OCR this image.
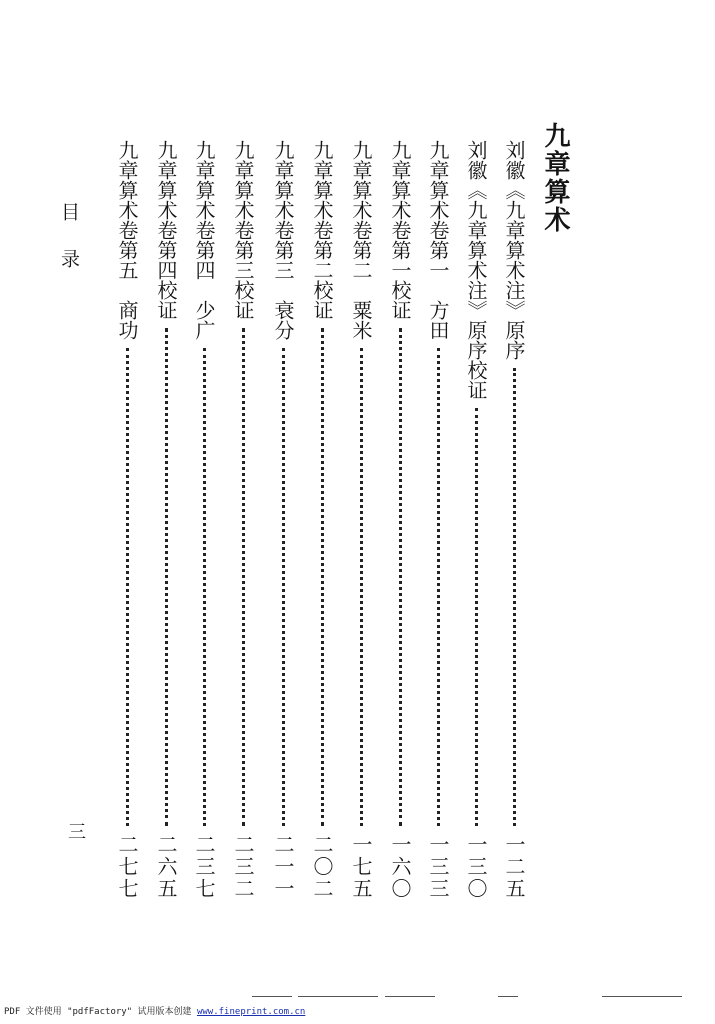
九章算术
刘徽《九章算术注》原序
一二五
刘徽《九章算术注》原序校证
一三〇
九章算术卷第一　方田
一三三
九章算术卷第一校证
一六〇
九章算术卷第二　粟米
一七五
九章算术卷第二校证
二〇二
九章算术卷第三　衰分
二一一
九章算术卷第三校证
二三二
九章算术卷第四　少广
二三七
九章算术卷第四校证
二六五
九章算术卷第五　商功
二七七
目录
三
PDF 文件使用 "pdfFactory" 试用版本创建 www.fineprint.com.cn
